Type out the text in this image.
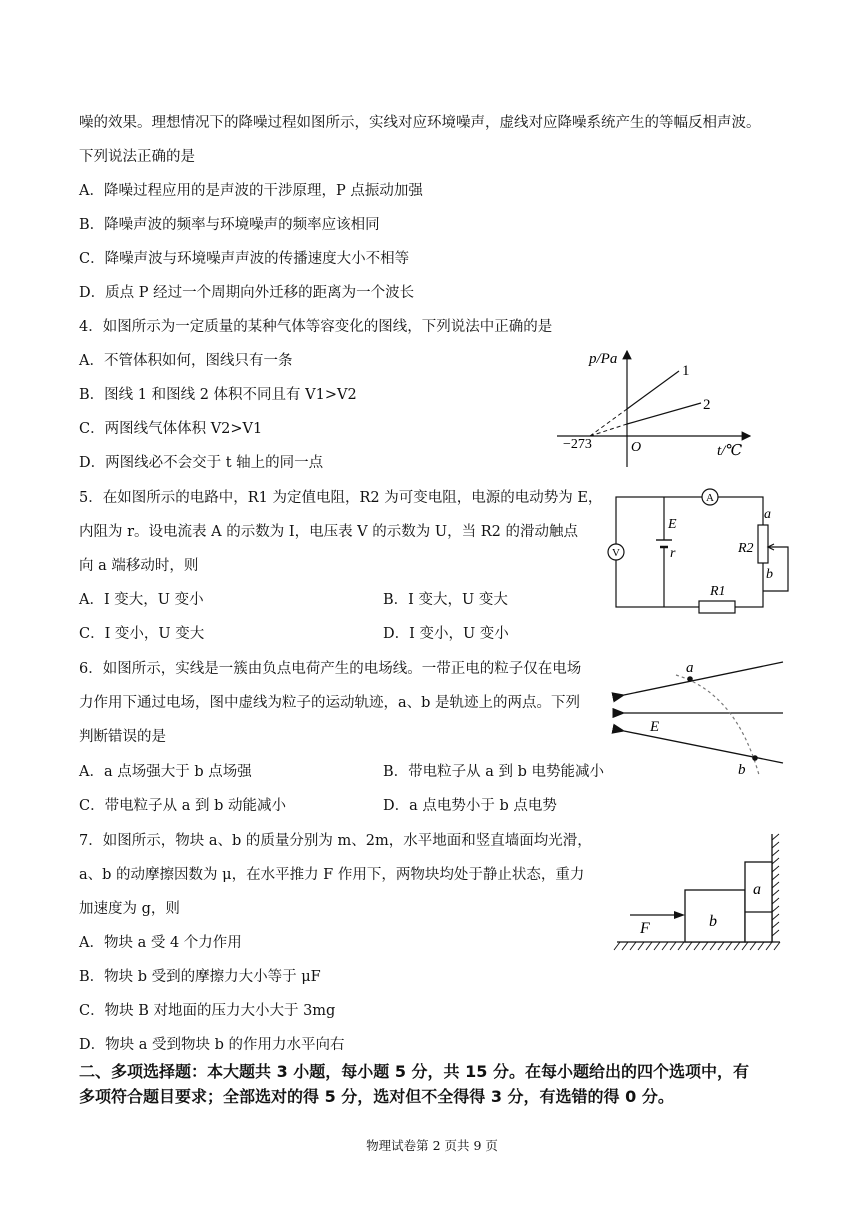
噪的效果。理想情况下的降噪过程如图所示，实线对应环境噪声，虚线对应降噪系统产生的等幅反相声波。
下列说法正确的是
A．降噪过程应用的是声波的干涉原理，P 点振动加强
B．降噪声波的频率与环境噪声的频率应该相同
C．降噪声波与环境噪声声波的传播速度大小不相等
D．质点 P 经过一个周期向外迁移的距离为一个波长
4．如图所示为一定质量的某种气体等容变化的图线，下列说法中正确的是
A．不管体积如何，图线只有一条
B．图线 1 和图线 2 体积不同且有 V1>V2
C．两图线气体体积 V2>V1
D．两图线必不会交于 t 轴上的同一点
p/Pa
1
2
−273	O	t/℃
5．在如图所示的电路中，R1 为定值电阻，R2 为可变电阻，电源的电动势为 E，
内阻为 r。设电流表 A 的示数为 I，电压表 V 的示数为 U，当 R2 的滑动触点
向 a 端移动时，则
A．I 变大，U 变小	B．I 变大，U 变大
C．I 变小，U 变大	D．I 变小，U 变小
A
V
E
r	R2
R1
a
b
6．如图所示，实线是一簇由负点电荷产生的电场线。一带正电的粒子仅在电场
力作用下通过电场，图中虚线为粒子的运动轨迹，a、b 是轨迹上的两点。下列
判断错误的是
A．a 点场强大于 b 点场强	B．带电粒子从 a 到 b 电势能减小
C．带电粒子从 a 到 b 动能减小	D．a 点电势小于 b 点电势
a
b
E
7．如图所示，物块 a、b 的质量分别为 m、2m，水平地面和竖直墙面均光滑，
a、b 的动摩擦因数为 μ，在水平推力 F 作用下，两物块均处于静止状态，重力
加速度为 g，则
A．物块 a 受 4 个力作用
B．物块 b 受到的摩擦力大小等于 μF
C．物块 B 对地面的压力大小大于 3mg
D．物块 a 受到物块 b 的作用力水平向右
a
b
F
二、多项选择题：本大题共 3 小题，每小题 5 分，共 15 分。在每小题给出的四个选项中，有
多项符合题目要求；全部选对的得 5 分，选对但不全得得 3 分，有选错的得 0 分。
物理试卷第 2 页共 9 页
